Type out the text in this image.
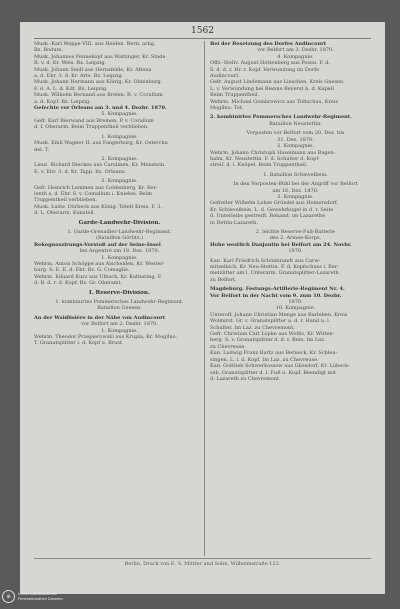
1562
Musk.-Karl Weppe VIII. aus Heiden. Bern. arbg.
Bz. Bodum.
Musk. Johannes Pennekopf aus Wattinger, Kr. Stade
R. v. d. Kr. Wels. Bz. Leipzig.
Musk. Johann Seidl aus Hernsfelde, Kr. Altena
a. d. Ebr. 3. d. Kr. Arts. Bz. Leipzig.
Musk. Johann Hermann aus Kölrig, Kr. Oldenburg,
F. d. A. L. d. Kdt. Bz. Leipzig.
Musk. Wilhelm Bernand aus Brelen. R. v. Corallum
a. d. Kopf. Bz. Leipzig.
Gefechte vor Orleans am 3. und 4. Dezbr. 1870.
5. Kompagnie.
Gefr. Karl Bierwand aus Bremen, P. v. Corallum
d. f. Oberarm. Beim Truppentheil verblieben.
1. Kompagnie.
Musk. Emil Wagner II. aus Fangerburg, Kr. Ostercha
del. T.
2. Kompagnie.
Lieut. Richard Dieckes aus Carolinen, Kr. Menstein.
E. v. Ebr. 3. d. Kr. Tapp. Bz. Orleans.
3. Kompagnie.
Gefr. Heinrich Lemmen aus Coldenberg, Kr. Ber-
lenth s. d. Ebr. S. v. Comallum i. Kniebei. Beim
Truppentheil verblieben.
Musk. Ludw. Dörbeck aus König. Tetelt Kreis. F. 3.
d. L. Oberarm. Kunstell.
Garde-Landwehr-Division.
1. Garde-Grenadier-Landwehr-Regiment.
(Bataillon Görlitz.)
Rekognoszirungs-Vorstoß auf der Seine-Insel
bei Argentré am 18. Dez. 1870.
1. Kompagnie.
Wehrm. Anton Schöppe aus Alscheiden, Kr. Wester-
burg. S. E. E. d. Ebr. Bz. G. Comaglie.
Wehrm. Eduard Kurz aus Ulbach, Kr. Katharing. F.
d. B. d. r. d. Kopf. Bz. Gr. Oberamt.
I. Reserve-Division.
1. kombinirtes Pommersches Landwehr-Regiment.
Bataillon Gnesen.
An der Waldlisière in der Nähe von Audincourt
vor Belfort am 2. Dezbr. 1870.
1. Kompagnie.
Wehrm. Theodor Przepierowski aus Krupla, Kr. Mogilno.
T. Granatsplitter i. d. Kopf u. Brust.
Bei der Besetzung des Dorfes Audincourt
vor Belfort am 3. Dezbr. 1870.
4. Kompagnie.
Offz.-Stellv. August Hottenberg aus Posen. F. d.
S. d. d. r. Hr. r. Kopf. Verwundung im Dorfe
Audincourt.
Gefr. August Lindemann aus Lieschen, Kreis Gnesen.
L. v. Verwundung bei Bienne Beyerst b. d. Kapell
Beim Truppentheil.
Wehrm. Michael Gombrowicz aus Tidtschau, Kreis
Mogilno. Tot.
2. kombinirtes Pommersches Landwehr-Regiment.
Bataillon Neustettin.
Vorposten vor Belfort vom 20. Dez. bis
31. Dez. 1870.
2. Kompagnie.
Wehrm. Johann Christoph Haselmann aus Bagen-
hahn, Kr. Neustettin. F. d. Schulter d. Kopf-
streif. d. l. Knöpel. Beim Truppentheil.
1. Bataillon Schievelbein.
In den Vorposten-Bühl bei der Angriff vor Belfort
am 16. Dez. 1870.
3. Kompagnie.
Gefreiter Wilhelm Lohse Gründel aus Heinersdorf,
Kr. Schievelbein. L. d. Gewehrkugel in d. r. Seite
d. Unterleibs gestreift. Behand. im Lazarethe
in Dettin-Lazareth.
2. leichte Reserve-Fuß-Batterie
des 2. Armee-Korps.
Hohe westlich Danjoutin bei Belfort am 24. Novbr.
1870.
Kan. Karl Friedrich Schönbrandt aus Carw-
mitzelbich, Kr. Neu-Stettin. F. d. Kopfschuss i. Ber-
metzlitter am l. Unterarm. Granatsplitter-Lazareth
zu Belfort.
Magdeburg. Festungs-Artillerie-Regiment Nr. 4.
Vor Belfort in der Nacht vom 9. zum 10. Dezbr.
1870.
10. Kompagnie.
Unteroff. Johann Christian Menge aus Barleben, Kreis
Wolmirst. Gr. v. Granatsplitter a. d. r. Hand u. l.
Schulter. Im Laz. zu Chevremont.
Gefr. Christian Carl Löpke aus Wolfis, Kr. Witten-
berg. S. v. Granatsplitter d. d. r. Bein. Im Laz.
zu Chevreuse.
Kan. Ludwig Franz Bartz aus Berneck, Kr. Schleu-
singen. L. i. d. Kopf. Im Laz. zu Chevreuse.
Kan. Gottlieb Schwerkossow aus Gliesdorf, Kr. Lübeck-
seb. Granatsplitter d. l. Fuß u. Kopf. Beendigt mit
d. Lazareth zu Chevremont.
Berlin, Druck von E. S. Mittler und Sohn, Wilhelmstraße 122.
⊕	Universitätsbibliothek
Ferienbibliothek Dresden
